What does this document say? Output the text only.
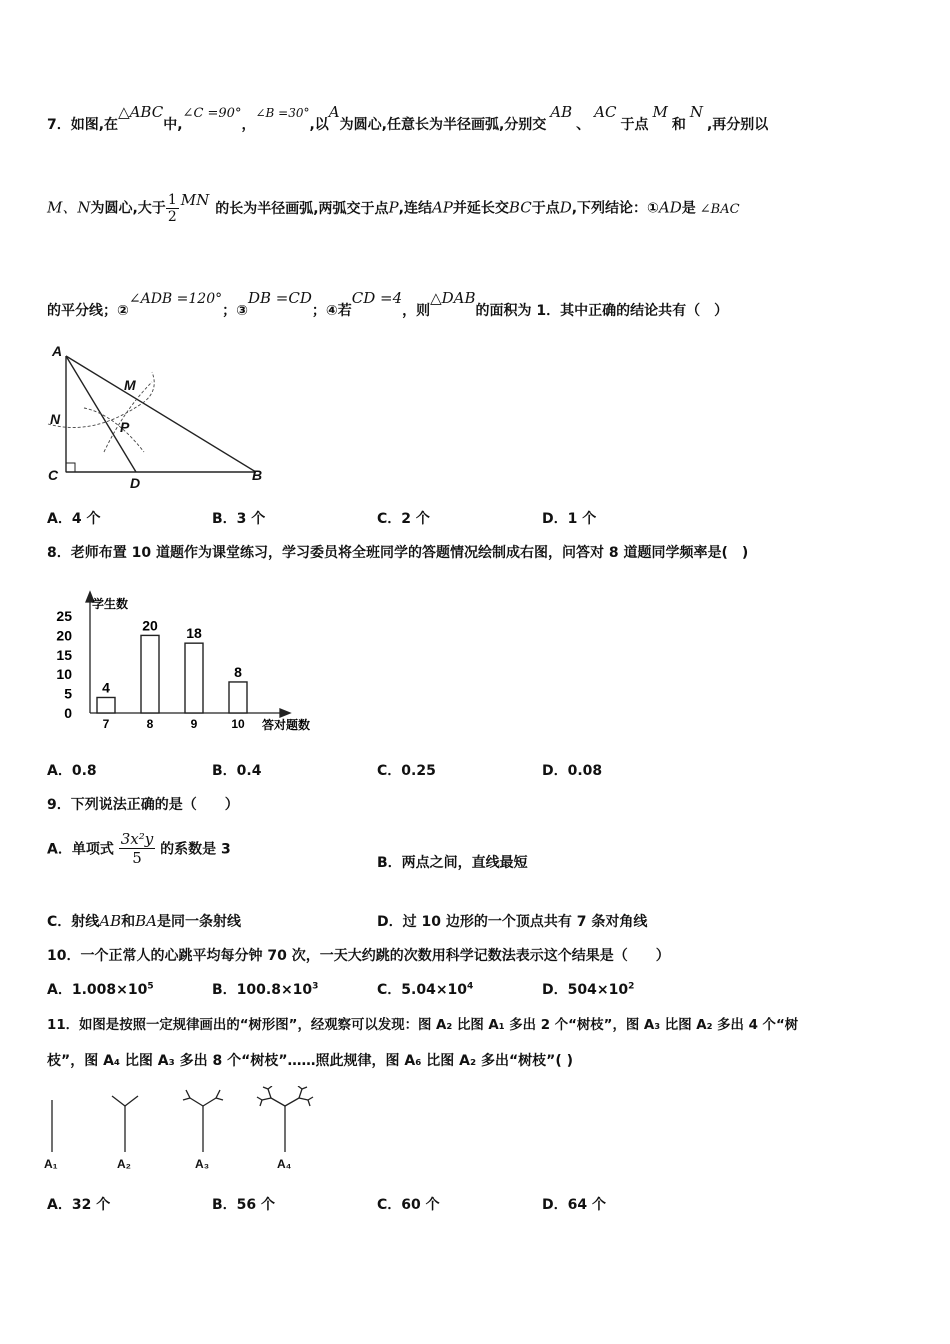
7．如图,在△ABC中,∠C =90°，∠B =30°,以A为圆心,任意长为半径画弧,分别交AB、AC于点M和N,再分别以
M、N为圆心,大于 $\frac{1}{2}$ MN 的长为半径画弧,两弧交于点P,连结AP并延长交BC于点D,下列结论：①AD是 ∠BAC
的平分线；②∠ADB =120°；③DB =CD；④若CD =4，则△DAB的面积为 1．其中正确的结论共有（　）
A
M
N	P
C	D	B
A．4 个	B．3 个	C．2 个	D．1 个
8．老师布置 10 道题作为课堂练习，学习委员将全班同学的答题情况绘制成右图，问答对 8 道题同学频率是(　)
学生数
答对题数
0
5
10
15
20
25
4
7
20
8
18
9
8
10
A．0.8	B．0.4	C．0.25	D．0.08
9．下列说法正确的是（　　）
A．单项式 $\frac{\text{3x²y}}{5}$ 的系数是 3
B．两点之间，直线最短
C．射线AB和BA是同一条射线	D．过 10 边形的一个顶点共有 7 条对角线
10．一个正常人的心跳平均每分钟 70 次，一天大约跳的次数用科学记数法表示这个结果是（　　）
A．$1.008\times 10^5$	B．$100.8\times 10^3$	C．$5.04\times 10^4$	D．$504\times 10^2$
11．如图是按照一定规律画出的“树形图”，经观察可以发现：图 A₂ 比图 A₁ 多出 2 个“树枝”，图 A₃ 比图 A₂ 多出 4 个“树
枝”，图 A₄ 比图 A₃ 多出 8 个“树枝”……照此规律，图 A₆ 比图 A₂ 多出“树枝”( )
A₁	A₂	A₃	A₄
A．32 个	B．56 个	C．60 个	D．64 个
